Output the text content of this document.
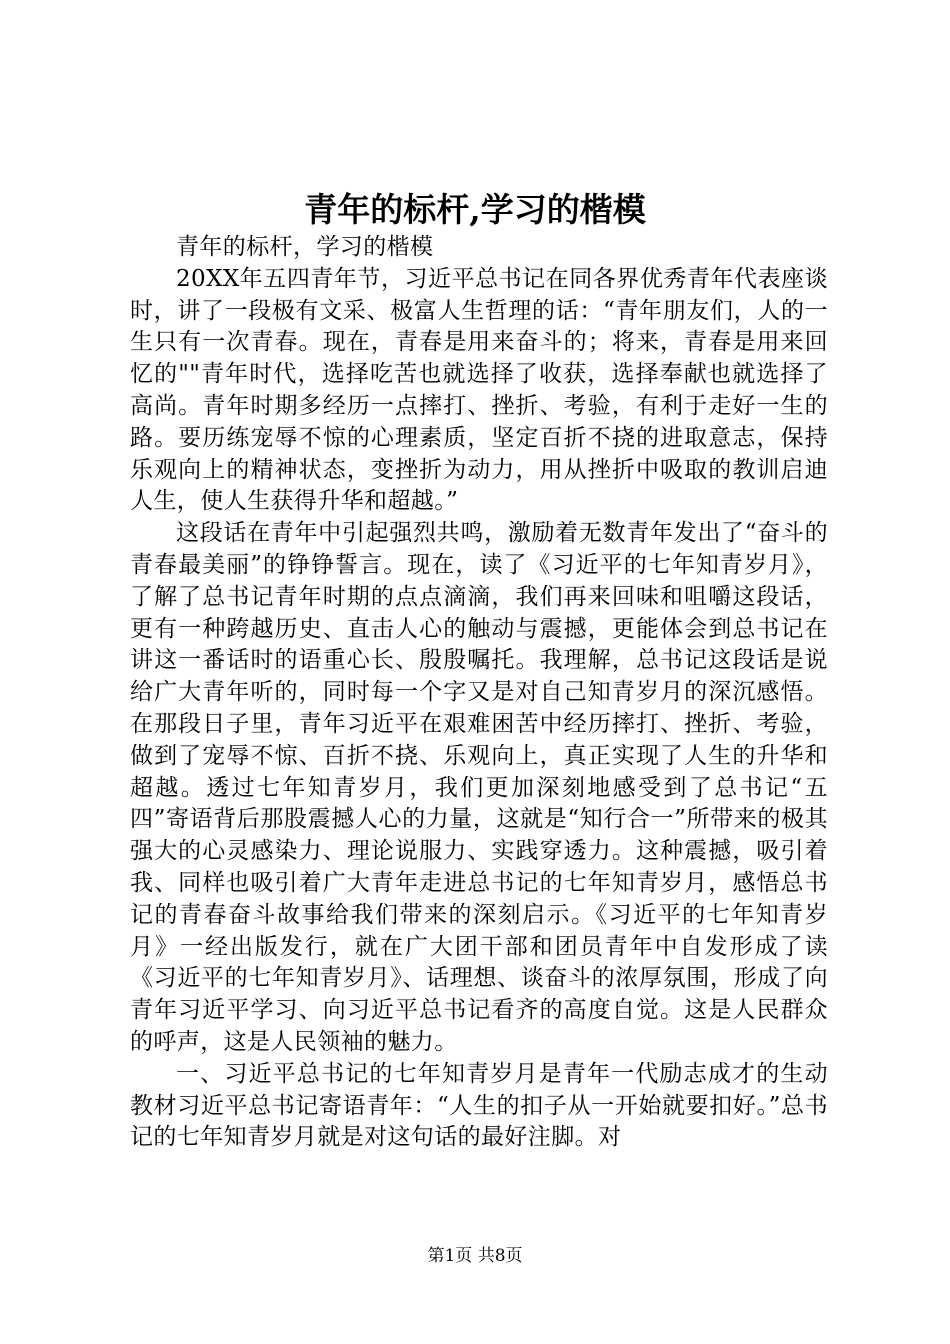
青年的标杆,学习的楷模

青年的标杆，学习的楷模

20XX年五四青年节，习近平总书记在同各界优秀青年代表座谈时，讲了一段极有文采、极富人生哲理的话：“青年朋友们，人的一生只有一次青春。现在，青春是用来奋斗的；将来，青春是用来回忆的""青年时代，选择吃苦也就选择了收获，选择奉献也就选择了高尚。青年时期多经历一点摔打、挫折、考验，有利于走好一生的路。要历练宠辱不惊的心理素质，坚定百折不挠的进取意志，保持乐观向上的精神状态，变挫折为动力，用从挫折中吸取的教训启迪人生，使人生获得升华和超越。”

这段话在青年中引起强烈共鸣，激励着无数青年发出了“奋斗的青春最美丽”的铮铮誓言。现在，读了《习近平的七年知青岁月》，了解了总书记青年时期的点点滴滴，我们再来回味和咀嚼这段话，更有一种跨越历史、直击人心的触动与震撼，更能体会到总书记在讲这一番话时的语重心长、殷殷嘱托。我理解，总书记这段话是说给广大青年听的，同时每一个字又是对自己知青岁月的深沉感悟。在那段日子里，青年习近平在艰难困苦中经历摔打、挫折、考验，做到了宠辱不惊、百折不挠、乐观向上，真正实现了人生的升华和超越。透过七年知青岁月，我们更加深刻地感受到了总书记“五四”寄语背后那股震撼人心的力量，这就是“知行合一”所带来的极其强大的心灵感染力、理论说服力、实践穿透力。这种震撼，吸引着我、同样也吸引着广大青年走进总书记的七年知青岁月，感悟总书记的青春奋斗故事给我们带来的深刻启示。《习近平的七年知青岁月》一经出版发行，就在广大团干部和团员青年中自发形成了读《习近平的七年知青岁月》、话理想、谈奋斗的浓厚氛围，形成了向青年习近平学习、向习近平总书记看齐的高度自觉。这是人民群众的呼声，这是人民领袖的魅力。

一、习近平总书记的七年知青岁月是青年一代励志成才的生动教材习近平总书记寄语青年：“人生的扣子从一开始就要扣好。”总书记的七年知青岁月就是对这句话的最好注脚。对

第1页 共8页
